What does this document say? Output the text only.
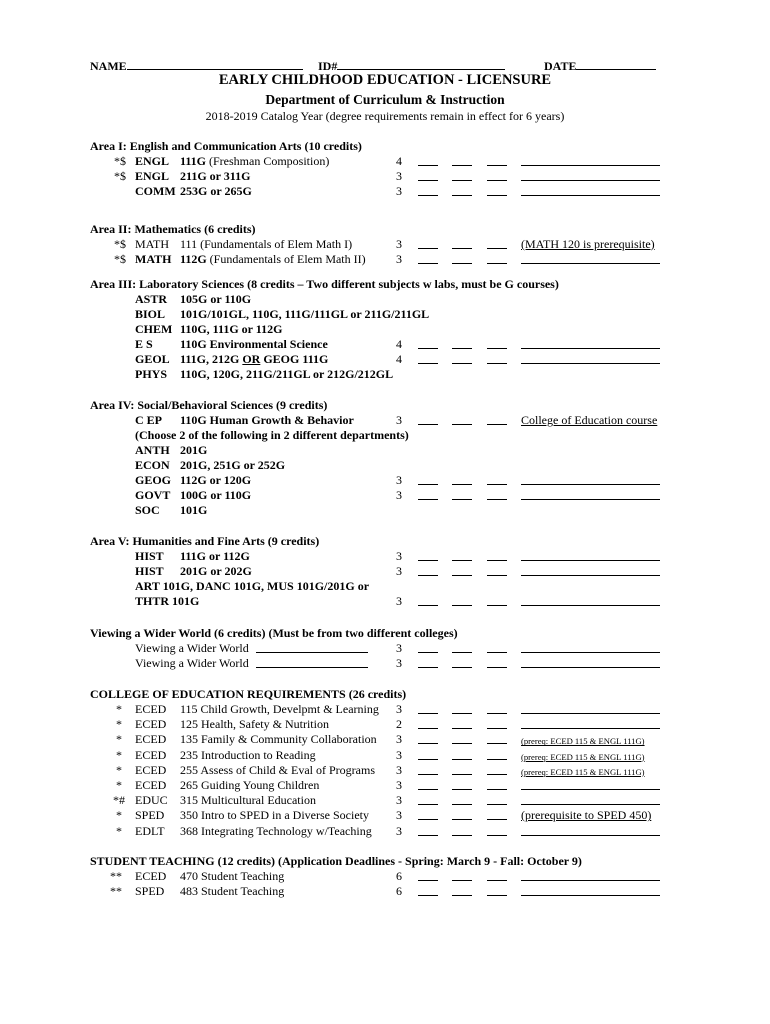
NAME	ID#	DATE
EARLY CHILDHOOD EDUCATION - LICENSURE
Department of Curriculum & Instruction
2018-2019 Catalog Year (degree requirements remain in effect for 6 years)
Area I: English and Communication Arts (10 credits)
*$ ENGL 111G (Freshman Composition)	4
*$ ENGL 211G or 311G	3
COMM 253G or 265G	3
Area II: Mathematics (6 credits)
*$ MATH 111 (Fundamentals of Elem Math I)	3	(MATH 120 is prerequisite)
*$ MATH 112G (Fundamentals of Elem Math II)	3
Area III: Laboratory Sciences (8 credits – Two different subjects w labs, must be G courses)
ASTR 105G or 110G
BIOL 101G/101GL, 110G, 111G/111GL or 211G/211GL
CHEM 110G, 111G or 112G
E S 110G Environmental Science	4
GEOL 111G, 212G OR GEOG 111G	4
PHYS 110G, 120G, 211G/211GL or 212G/212GL
Area IV: Social/Behavioral Sciences (9 credits)
C EP 110G Human Growth & Behavior	3	College of Education course
(Choose 2 of the following in 2 different departments)
ANTH 201G
ECON 201G, 251G or 252G
GEOG 112G or 120G	3
GOVT 100G or 110G	3
SOC 101G
Area V: Humanities and Fine Arts (9 credits)
HIST 111G or 112G	3
HIST 201G or 202G	3
ART 101G, DANC 101G, MUS 101G/201G or
THTR 101G	3
Viewing a Wider World (6 credits) (Must be from two different colleges)
Viewing a Wider World	3
Viewing a Wider World	3
COLLEGE OF EDUCATION REQUIREMENTS (26 credits)
* ECED 115 Child Growth, Develpmt & Learning 3
* ECED 125 Health, Safety & Nutrition	2
* ECED 135 Family & Community Collaboration 3	(prereq: ECED 115 & ENGL 111G)
* ECED 235 Introduction to Reading	3	(prereq: ECED 115 & ENGL 111G)
* ECED 255 Assess of Child & Eval of Programs 3	(prereq: ECED 115 & ENGL 111G)
* ECED 265 Guiding Young Children	3
*# EDUC 315 Multicultural Education	3
* SPED 350 Intro to SPED in a Diverse Society 3	(prerequisite to SPED 450)
* EDLT 368 Integrating Technology w/Teaching 3
STUDENT TEACHING (12 credits) (Application Deadlines - Spring: March 9 - Fall: October 9)
** ECED 470 Student Teaching	6
** SPED 483 Student Teaching	6
